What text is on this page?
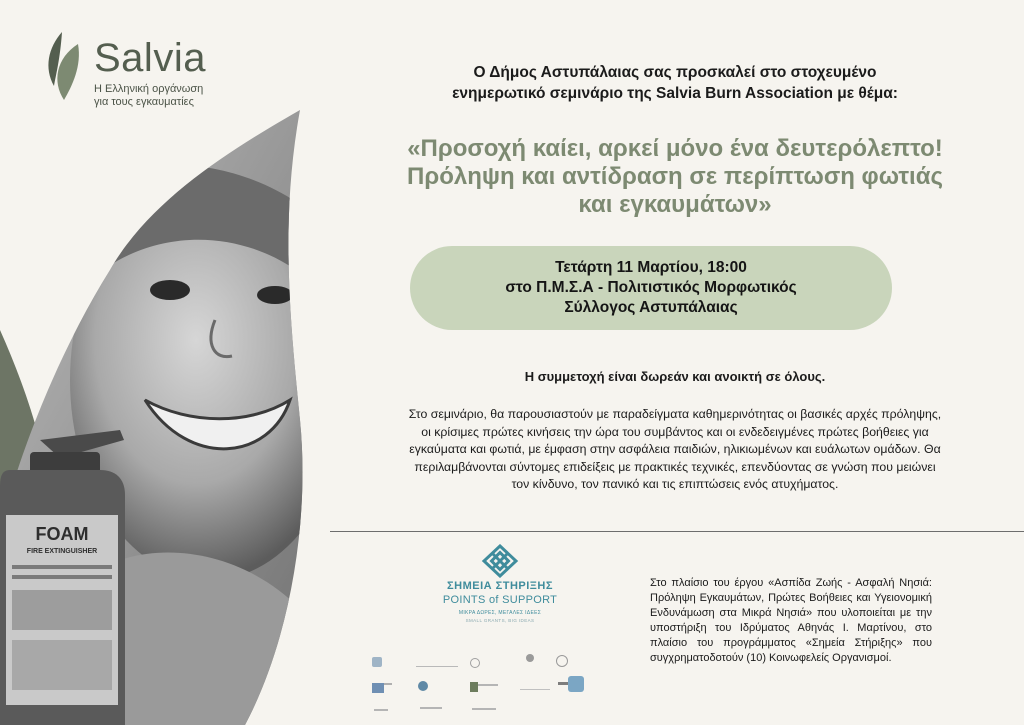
Salvia
Η Ελληνική οργάνωση
για τους εγκαυματίες
FOAM
FIRE EXTINGUISHER
Ο Δήμος Αστυπάλαιας σας προσκαλεί στο στοχευμένο
ενημερωτικό σεμινάριο της Salvia Burn Association με θέμα:
«Προσοχή καίει, αρκεί μόνο ένα δευτερόλεπτο!
Πρόληψη και αντίδραση σε περίπτωση φωτιάς
και εγκαυμάτων»
Τετάρτη 11 Μαρτίου, 18:00
στο Π.Μ.Σ.Α - Πολιτιστικός Μορφωτικός
Σύλλογος Αστυπάλαιας
Η συμμετοχή είναι δωρεάν και ανοικτή σε όλους.
Στο σεμινάριο, θα παρουσιαστούν με παραδείγματα καθημερινότητας οι βασικές αρχές πρόληψης,
οι κρίσιμες πρώτες κινήσεις την ώρα του συμβάντος και οι ενδεδειγμένες πρώτες βοήθειες για
εγκαύματα και φωτιά, με έμφαση στην ασφάλεια παιδιών, ηλικιωμένων και ευάλωτων ομάδων. Θα
περιλαμβάνονται σύντομες επιδείξεις με πρακτικές τεχνικές, επενδύοντας σε γνώση που μειώνει
τον κίνδυνο, τον πανικό και τις επιπτώσεις ενός ατυχήματος.
ΣΗΜΕΙΑ ΣΤΗΡΙΞΗΣ
POINTS of SUPPORT
ΜΙΚΡΑ ΔΩΡΕΣ, ΜΕΓΑΛΕΣ ΙΔΕΕΣ
SMALL GRANTS, BIG IDEAS

Στο πλαίσιο του έργου «Ασπίδα Ζωής - Ασφαλή Νησιά: Πρόληψη Εγκαυμάτων, Πρώτες Βοήθειες και Υγειονομική Ενδυνάμωση στα Μικρά Νησιά» που υλοποιείται με την υποστήριξη του Ιδρύματος Αθηνάς Ι. Μαρτίνου, στο πλαίσιο του προγράμματος «Σημεία Στήριξης» που συγχρηματοδοτούν (10) Κοινωφελείς Οργανισμοί.
